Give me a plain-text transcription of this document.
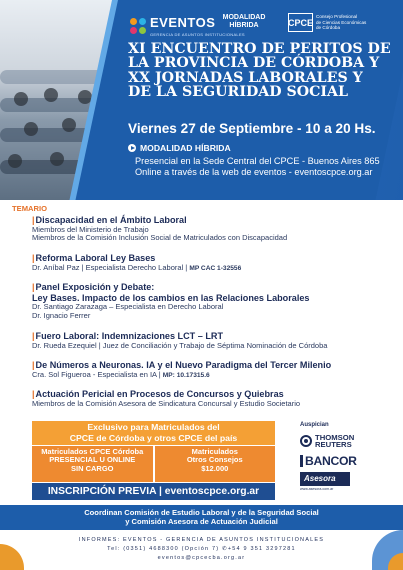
EVENTOS
GERENCIA DE ASUNTOS INSTITUCIONALES
MODALIDAD
HÍBRIDA	CPCE
Consejo Profesional
de Ciencias Económicas
de Córdoba
XI ENCUENTRO DE PERITOS DE
LA PROVINCIA DE CÓRDOBA Y
XX JORNADAS LABORALES Y
DE LA SEGURIDAD SOCIAL
Viernes 27 de Septiembre - 10 a 20 Hs.
MODALIDAD HÍBRIDA
Presencial en la Sede Central del CPCE - Buenos Aires 865
Online a través de la web de eventos - eventoscpce.org.ar
TEMARIO
|Discapacidad en el Ámbito Laboral
Miembros del Ministerio de Trabajo
Miembros de la Comisión Inclusión Social de Matriculados con Discapacidad
|Reforma Laboral Ley Bases
Dr. Aníbal Paz | Especialista Derecho Laboral | MP CAC 1-32556
|Panel Exposición y Debate:
Ley Bases. Impacto de los cambios en las Relaciones Laborales
Dr. Santiago Zarazaga – Especialista en Derecho Laboral
Dr. Ignacio Ferrer
|Fuero Laboral: Indemnizaciones LCT – LRT
Dr. Rueda Ezequiel | Juez de Conciliación y Trabajo de Séptima Nominación de Córdoba
|De Números a Neuronas. IA y el Nuevo Paradigma del Tercer Milenio
Cra. Sol Figueroa - Especialista en IA | MP: 10.17315.6
|Actuación Pericial en Procesos de Concursos y Quiebras
Miembros de la Comisión Asesora de Sindicatura Concursal y Estudio Societario
Exclusivo para Matriculados del
CPCE de Córdoba y otros CPCE del país
Matriculados CPCE Córdoba
PRESENCIAL U ONLINE
SIN CARGO
Matriculados
Otros Consejos
$12.000
INSCRIPCIÓN PREVIA | eventoscpce.org.ar
Auspician
THOMSON
REUTERS
BANCOR
Asesora
www.asesora.com.ar
Coordinan Comisión de Estudio Laboral y de la Seguridad Social
y Comisión Asesora de Actuación Judicial
INFORMES: EVENTOS - GERENCIA DE ASUNTOS INSTITUCIONALES
Tel: (0351) 4688300 (Opción 7) ✆+54 9 351 3297281
eventos@cpcecba.org.ar
